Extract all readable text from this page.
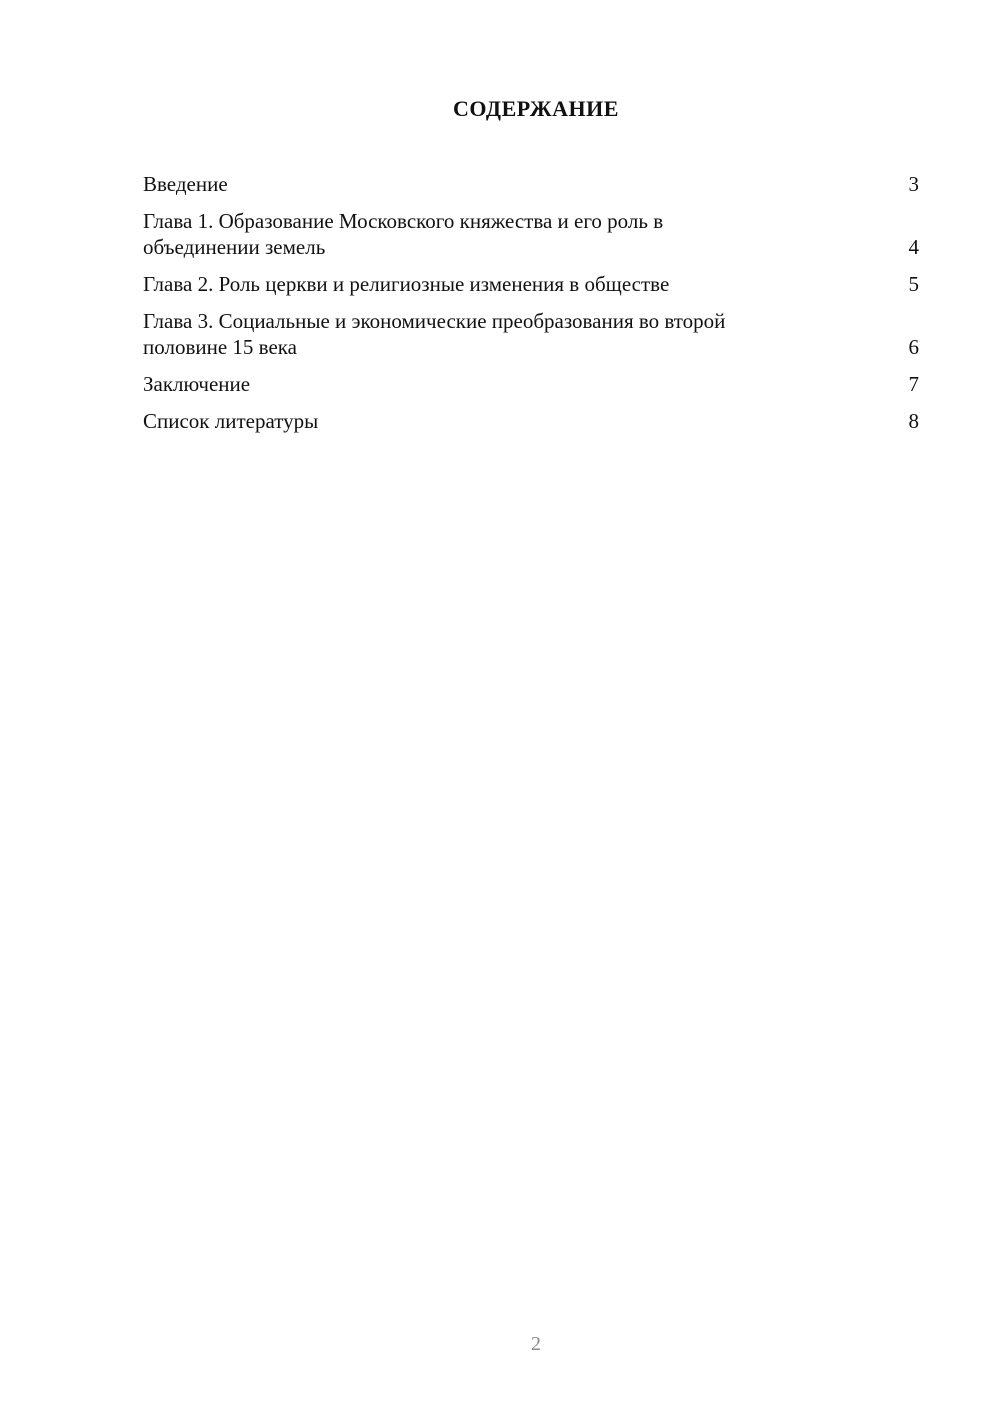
СОДЕРЖАНИЕ
Введение	3
Глава 1. Образование Московского княжества и его роль в объединении земель	4
Глава 2. Роль церкви и религиозные изменения в обществе	5
Глава 3. Социальные и экономические преобразования во второй половине 15 века	6
Заключение	7
Список литературы	8
2
